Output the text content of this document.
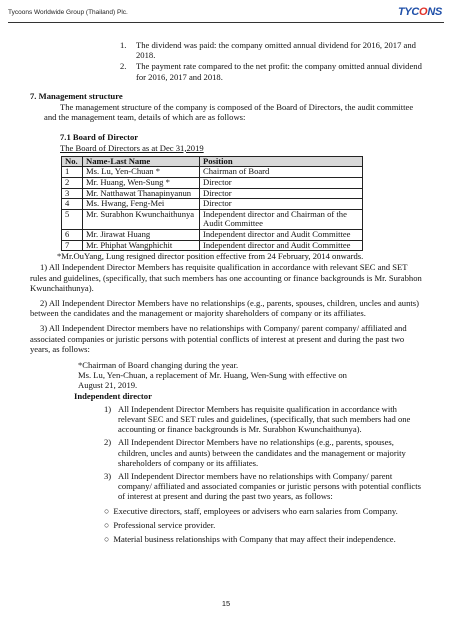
Tycoons Worldwide Group (Thailand) Plc.	TYCONS
1. The dividend was paid: the company omitted annual dividend for 2016, 2017 and 2018.
2. The payment rate compared to the net profit: the company omitted annual dividend for 2016, 2017 and 2018.
7. Management structure

The management structure of the company is composed of the Board of Directors, the audit committee and the management team, details of which are as follows:

7.1 Board of Director
The Board of Directors as at Dec 31,2019
No.	Name-Last Name	Position
1	Ms. Lu, Yen-Chuan *	Chairman of Board
2	Mr. Huang, Wen-Sung *	Director
3	Mr. Natthawat Thanapinyanun	Director
4	Ms. Hwang, Feng-Mei	Director
5	Mr. Surabhon Kwunchaithunya	Independent director and Chairman of the Audit Committee
6	Mr. Jirawat Huang	Independent director and Audit Committee
7	Mr. Phiphat Wangphichit	Independent director and Audit Committee
*Mr.OuYang, Lung resigned director position effective from 24 February, 2014 onwards.

1) All Independent Director Members has requisite qualification in accordance with relevant SEC and SET rules and guidelines, (specifically, that such members has one accounting or finance backgrounds is Mr. Surabhon Kwunchaithunya).

2) All Independent Director Members have no relationships (e.g., parents, spouses, children, uncles and aunts) between the candidates and the management or majority shareholders of company or its affiliates.

3) All Independent Director members have no relationships with Company/ parent company/ affiliated and associated companies or juristic persons with potential conflicts of interest at present and during the past two years, as follows:

*Chairman of Board changing during the year.
Ms. Lu, Yen-Chuan, a replacement of Mr. Huang, Wen-Sung with effective on
August 21, 2019.
Independent director
1) All Independent Director Members has requisite qualification in accordance with relevant SEC and SET rules and guidelines, (specifically, that such members had one accounting or finance backgrounds is Mr. Surabhon Kwunchaithunya).
2) All Independent Director Members have no relationships (e.g., parents, spouses, children, uncles and aunts) between the candidates and the management or majority shareholders of company or its affiliates.
3) All Independent Director members have no relationships with Company/ parent company/ affiliated and associated companies or juristic persons with potential conflicts of interest at present and during the past two years, as follows:
○ Executive directors, staff, employees or advisers who earn salaries from Company.
○ Professional service provider.
○ Material business relationships with Company that may affect their independence.
15
